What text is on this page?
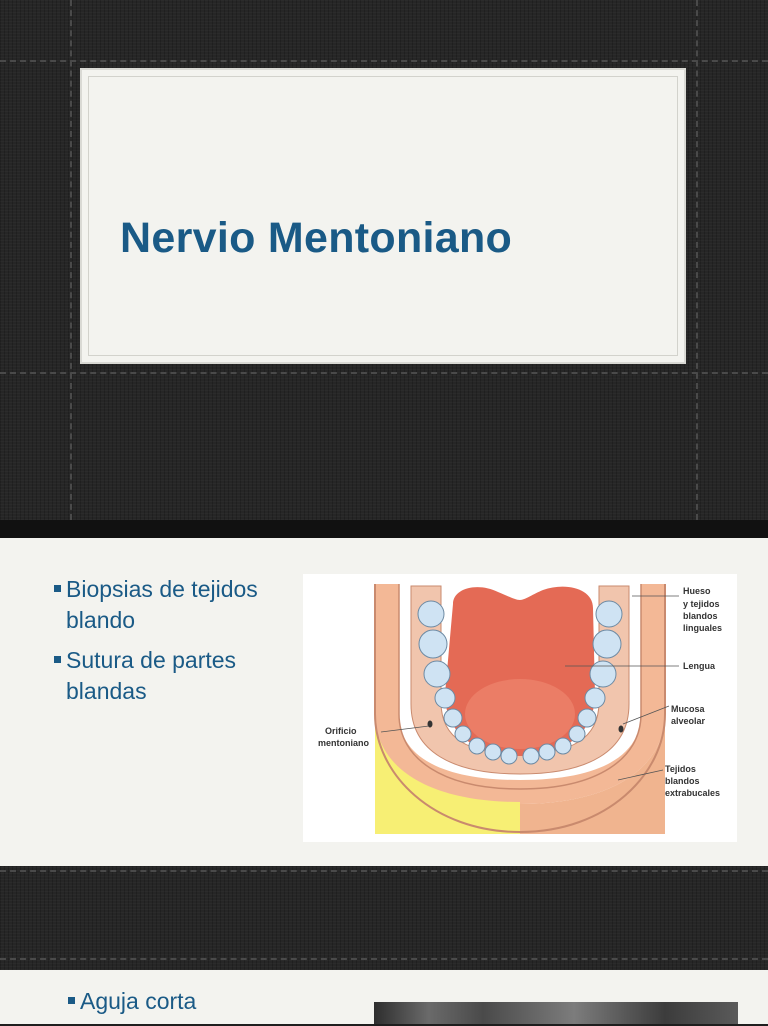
Nervio Mentoniano
Biopsias de tejidos blando
Sutura de partes blandas
Hueso
y tejidos
blandos
linguales
Lengua
Mucosa
alveolar
Orificio
mentoniano
Tejidos
blandos
extrabucales
Aguja corta
